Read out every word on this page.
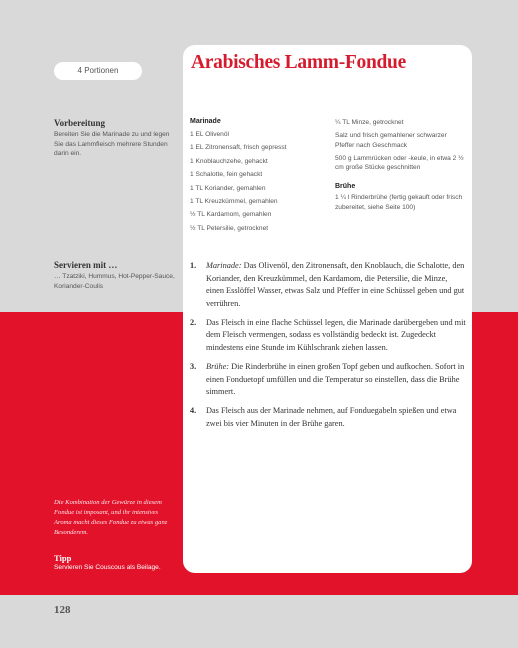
4 Portionen

Vorbereitung

Bereiten Sie die Marinade zu und legen Sie das Lammfleisch mehrere Stunden darin ein.

Servieren mit …

… Tzatziki, Hummus, Hot-Pepper-Sauce, Koriander-Coulis

Die Kombination der Gewürze in diesem Fondue ist imposant, und ihr intensives Aroma macht dieses Fondue zu etwas ganz Besonderem.

Tipp

Servieren Sie Couscous als Beilage.

Arabisches Lamm-Fondue

Marinade

1 EL Olivenöl
1 EL Zitronensaft, frisch gepresst
1 Knoblauchzehe, gehackt
1 Schalotte, fein gehackt
1 TL Koriander, gemahlen
1 TL Kreuzkümmel, gemahlen
½ TL Kardamom, gemahlen
½ TL Petersilie, getrocknet

¼ TL Minze, getrocknet

Salz und frisch gemahlener schwarzer Pfeffer nach Geschmack

500 g Lammrücken oder -keule, in etwa 2 ½ cm große Stücke geschnitten

Brühe

1 ¼ l Rinderbrühe (fertig gekauft oder frisch zubereitet, siehe Seite 100)

1.	Marinade: Das Olivenöl, den Zitronensaft, den Knoblauch, die Schalotte, den Koriander, den Kreuzkümmel, den Kardamom, die Petersilie, die Minze, einen Esslöffel Wasser, etwas Salz und Pfeffer in eine Schüssel geben und gut verrühren.
2.	Das Fleisch in eine flache Schüssel legen, die Marinade darübergeben und mit dem Fleisch vermengen, sodass es vollständig bedeckt ist. Zugedeckt mindestens eine Stunde im Kühlschrank ziehen lassen.
3.	Brühe: Die Rinderbrühe in einen großen Topf geben und aufkochen. Sofort in einen Fonduetopf umfüllen und die Temperatur so einstellen, dass die Brühe simmert.
4.	Das Fleisch aus der Marinade nehmen, auf Fonduegabeln spießen und etwa zwei bis vier Minuten in der Brühe garen.
128
